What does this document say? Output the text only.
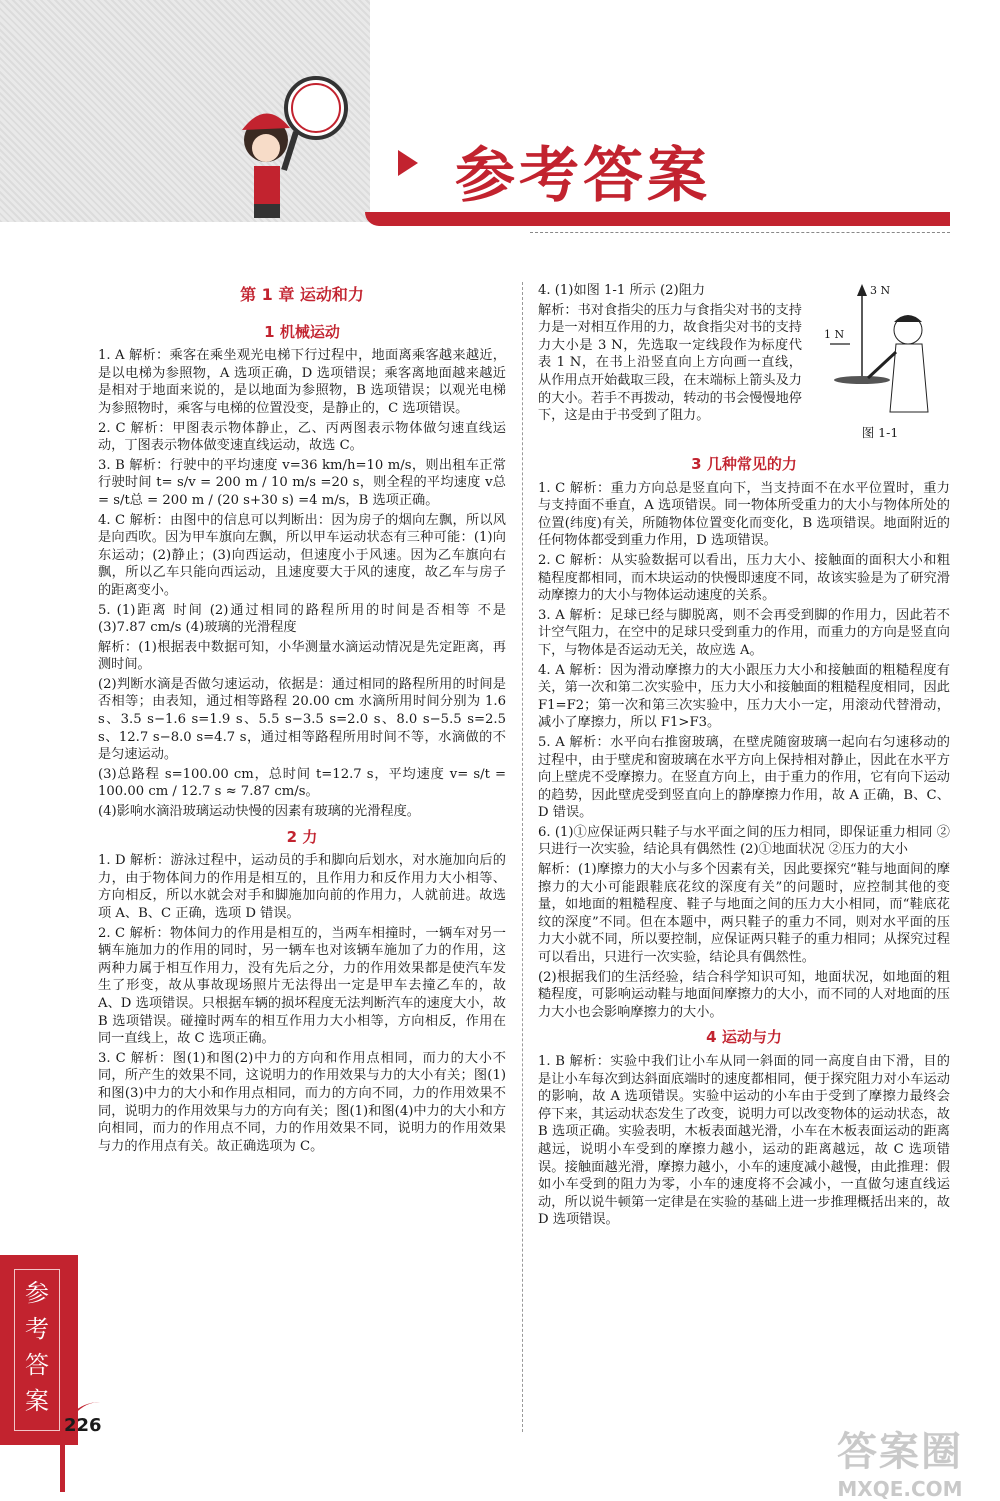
参考答案
第 1 章 运动和力
1 机械运动

1. A 解析：乘客在乘坐观光电梯下行过程中，地面离乘客越来越近，是以电梯为参照物，A 选项正确，D 选项错误；乘客离地面越来越近是相对于地面来说的，是以地面为参照物，B 选项错误；以观光电梯为参照物时，乘客与电梯的位置没变，是静止的，C 选项错误。

2. C 解析：甲图表示物体静止，乙、丙两图表示物体做匀速直线运动，丁图表示物体做变速直线运动，故选 C。

3. B 解析：行驶中的平均速度 v=36 km/h=10 m/s，则出租车正常行驶时间 t= s/v = 200 m / 10 m/s =20 s，则全程的平均速度 v总 = s/t总 = 200 m / (20 s+30 s) =4 m/s，B 选项正确。

4. C 解析：由图中的信息可以判断出：因为房子的烟向左飘，所以风是向西吹。因为甲车旗向左飘，所以甲车运动状态有三种可能：(1)向东运动；(2)静止；(3)向西运动，但速度小于风速。因为乙车旗向右飘，所以乙车只能向西运动，且速度要大于风的速度，故乙车与房子的距离变小。

5. (1)距离 时间 (2)通过相同的路程所用的时间是否相等 不是 (3)7.87 cm/s (4)玻璃的光滑程度

解析：(1)根据表中数据可知，小华测量水滴运动情况是先定距离，再测时间。

(2)判断水滴是否做匀速运动，依据是：通过相同的路程所用的时间是否相等；由表知，通过相等路程 20.00 cm 水滴所用时间分别为 1.6 s、3.5 s−1.6 s=1.9 s、5.5 s−3.5 s=2.0 s、8.0 s−5.5 s=2.5 s、12.7 s−8.0 s=4.7 s，通过相等路程所用时间不等，水滴做的不是匀速运动。

(3)总路程 s=100.00 cm，总时间 t=12.7 s，平均速度 v= s/t = 100.00 cm / 12.7 s ≈ 7.87 cm/s。

(4)影响水滴沿玻璃运动快慢的因素有玻璃的光滑程度。

2 力

1. D 解析：游泳过程中，运动员的手和脚向后划水，对水施加向后的力，由于物体间力的作用是相互的，且作用力和反作用力大小相等、方向相反，所以水就会对手和脚施加向前的作用力，人就前进。故选项 A、B、C 正确，选项 D 错误。

2. C 解析：物体间力的作用是相互的，当两车相撞时，一辆车对另一辆车施加力的作用的同时，另一辆车也对该辆车施加了力的作用，这两种力属于相互作用力，没有先后之分，力的作用效果都是使汽车发生了形变，故从事故现场照片无法得出一定是甲车去撞乙车的，故 A、D 选项错误。只根据车辆的损坏程度无法判断汽车的速度大小，故 B 选项错误。碰撞时两车的相互作用力大小相等，方向相反，作用在同一直线上，故 C 选项正确。

3. C 解析：图(1)和图(2)中力的方向和作用点相同，而力的大小不同，所产生的效果不同，这说明力的作用效果与力的大小有关；图(1)和图(3)中力的大小和作用点相同，而力的方向不同，力的作用效果不同，说明力的作用效果与力的方向有关；图(1)和图(4)中力的大小和方向相同，而力的作用点不同，力的作用效果不同，说明力的作用效果与力的作用点有关。故正确选项为 C。

3 N
1 N
图 1-1

4. (1)如图 1-1 所示 (2)阻力

解析：书对食指尖的压力与食指尖对书的支持力是一对相互作用的力，故食指尖对书的支持力大小是 3 N，先选取一定线段作为标度代表 1 N，在书上沿竖直向上方向画一直线，从作用点开始截取三段，在末端标上箭头及力的大小。若手不再拨动，转动的书会慢慢地停下，这是由于书受到了阻力。

3 几种常见的力

1. C 解析：重力方向总是竖直向下，当支持面不在水平位置时，重力与支持面不垂直，A 选项错误。同一物体所受重力的大小与物体所处的位置(纬度)有关，所随物体位置变化而变化，B 选项错误。地面附近的任何物体都受到重力作用，D 选项错误。

2. C 解析：从实验数据可以看出，压力大小、接触面的面积大小和粗糙程度都相同，而木块运动的快慢即速度不同，故该实验是为了研究滑动摩擦力的大小与物体运动速度的关系。

3. A 解析：足球已经与脚脱离，则不会再受到脚的作用力，因此若不计空气阻力，在空中的足球只受到重力的作用，而重力的方向是竖直向下，与物体是否运动无关，故应选 A。

4. A 解析：因为滑动摩擦力的大小跟压力大小和接触面的粗糙程度有关，第一次和第二次实验中，压力大小和接触面的粗糙程度相同，因此 F1=F2；第一次和第三次实验中，压力大小一定，用滚动代替滑动，减小了摩擦力，所以 F1>F3。

5. A 解析：水平向右推窗玻璃，在壁虎随窗玻璃一起向右匀速移动的过程中，由于壁虎和窗玻璃在水平方向上保持相对静止，因此在水平方向上壁虎不受摩擦力。在竖直方向上，由于重力的作用，它有向下运动的趋势，因此壁虎受到竖直向上的静摩擦力作用，故 A 正确，B、C、D 错误。

6. (1)①应保证两只鞋子与水平面之间的压力相同，即保证重力相同 ②只进行一次实验，结论具有偶然性 (2)①地面状况 ②压力的大小

解析：(1)摩擦力的大小与多个因素有关，因此要探究“鞋与地面间的摩擦力的大小可能跟鞋底花纹的深度有关”的问题时，应控制其他的变量，如地面的粗糙程度、鞋子与地面之间的压力大小相同，而“鞋底花纹的深度”不同。但在本题中，两只鞋子的重力不同，则对水平面的压力大小就不同，所以要控制，应保证两只鞋子的重力相同；从探究过程可以看出，只进行一次实验，结论具有偶然性。

(2)根据我们的生活经验，结合科学知识可知，地面状况，如地面的粗糙程度，可影响运动鞋与地面间摩擦力的大小，而不同的人对地面的压力大小也会影响摩擦力的大小。

4 运动与力

1. B 解析：实验中我们让小车从同一斜面的同一高度自由下滑，目的是让小车每次到达斜面底端时的速度都相同，便于探究阻力对小车运动的影响，故 A 选项错误。实验中运动的小车由于受到了摩擦力最终会停下来，其运动状态发生了改变，说明力可以改变物体的运动状态，故 B 选项正确。实验表明，木板表面越光滑，小车在木板表面运动的距离越远，说明小车受到的摩擦力越小，运动的距离越远，故 C 选项错误。接触面越光滑，摩擦力越小，小车的速度减小越慢，由此推理：假如小车受到的阻力为零，小车的速度将不会减小，一直做匀速直线运动，所以说牛顿第一定律是在实验的基础上进一步推理概括出来的，故 D 选项错误。

参考答案
226
答案圈
MXQE.COM
